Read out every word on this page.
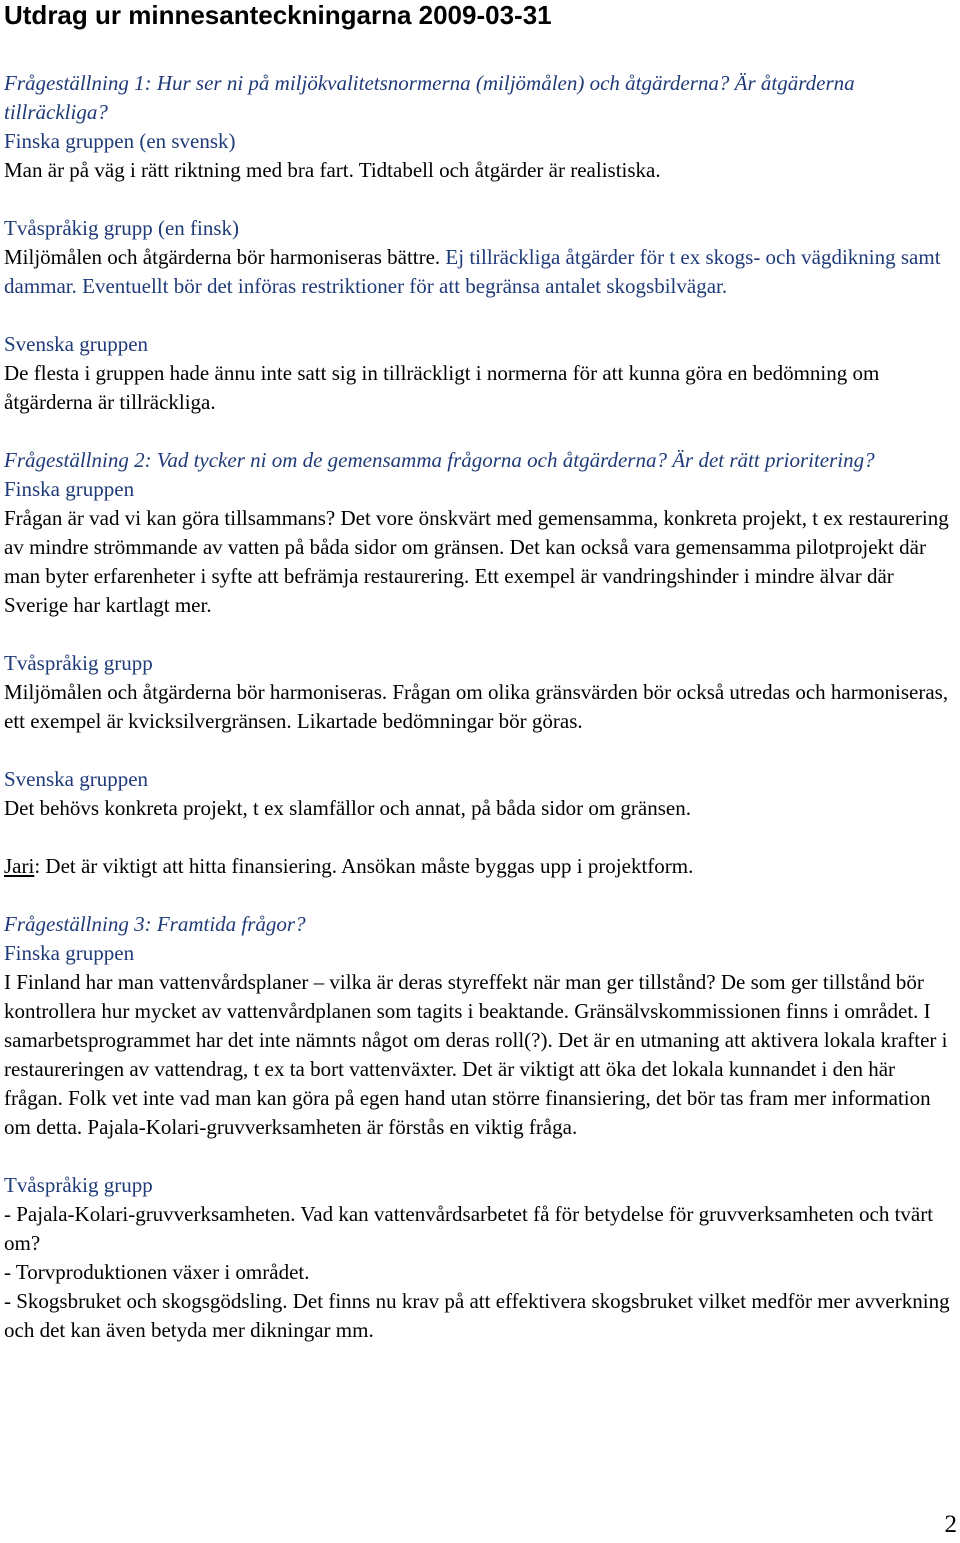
Utdrag ur minnesanteckningarna 2009-03-31

Frågeställning 1: Hur ser ni på miljökvalitetsnormerna (miljömålen) och åtgärderna? Är åtgärderna tillräckliga?

Finska gruppen (en svensk)

Man är på väg i rätt riktning med bra fart. Tidtabell och åtgärder är realistiska.

Tvåspråkig grupp (en finsk)

Miljömålen och åtgärderna bör harmoniseras bättre. Ej tillräckliga åtgärder för t ex skogs- och vägdikning samt dammar. Eventuellt bör det införas restriktioner för att begränsa antalet skogsbilvägar.

Svenska gruppen

De flesta i gruppen hade ännu inte satt sig in tillräckligt i normerna för att kunna göra en bedömning om åtgärderna är tillräckliga.

Frågeställning 2: Vad tycker ni om de gemensamma frågorna och åtgärderna? Är det rätt prioritering?

Finska gruppen

Frågan är vad vi kan göra tillsammans? Det vore önskvärt med gemensamma, konkreta projekt, t ex restaurering av mindre strömmande av vatten på båda sidor om gränsen. Det kan också vara gemensamma pilotprojekt där man byter erfarenheter i syfte att befrämja restaurering. Ett exempel är vandringshinder i mindre älvar där Sverige har kartlagt mer.

Tvåspråkig grupp

Miljömålen och åtgärderna bör harmoniseras. Frågan om olika gränsvärden bör också utredas och harmoniseras, ett exempel är kvicksilvergränsen. Likartade bedömningar bör göras.

Svenska gruppen

Det behövs konkreta projekt, t ex slamfällor och annat, på båda sidor om gränsen.

Jari: Det är viktigt att hitta finansiering. Ansökan måste byggas upp i projektform.

Frågeställning 3: Framtida frågor?

Finska gruppen

I Finland har man vattenvårdsplaner – vilka är deras styreffekt när man ger tillstånd? De som ger tillstånd bör kontrollera hur mycket av vattenvårdplanen som tagits i beaktande. Gränsälvskommissionen finns i området. I samarbetsprogrammet har det inte nämnts något om deras roll(?). Det är en utmaning att aktivera lokala krafter i restaureringen av vattendrag, t ex ta bort vattenväxter. Det är viktigt att öka det lokala kunnandet i den här frågan. Folk vet inte vad man kan göra på egen hand utan större finansiering, det bör tas fram mer information om detta. Pajala-Kolari-gruvverksamheten är förstås en viktig fråga.

Tvåspråkig grupp

- Pajala-Kolari-gruvverksamheten. Vad kan vattenvårdsarbetet få för betydelse för gruvverksamheten och tvärt om?

- Torvproduktionen växer i området.

- Skogsbruket och skogsgödsling. Det finns nu krav på att effektivera skogsbruket vilket medför mer avverkning och det kan även betyda mer dikningar mm.

2
